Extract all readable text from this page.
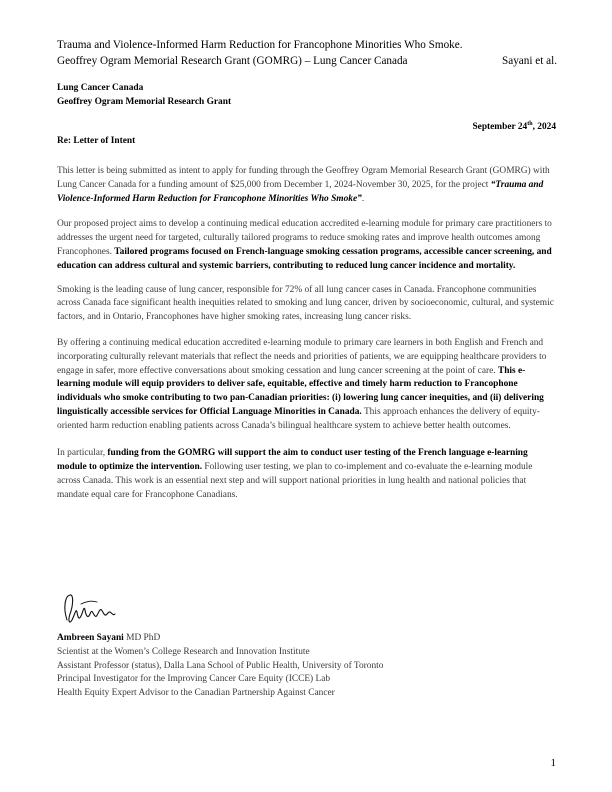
Trauma and Violence-Informed Harm Reduction for Francophone Minorities Who Smoke.
Geoffrey Ogram Memorial Research Grant (GOMRG) – Lung Cancer Canada	Sayani et al.
Lung Cancer Canada
Geoffrey Ogram Memorial Research Grant
September 24th, 2024
Re: Letter of Intent

This letter is being submitted as intent to apply for funding through the Geoffrey Ogram Memorial Research Grant (GOMRG) with Lung Cancer Canada for a funding amount of $25,000 from December 1, 2024-November 30, 2025, for the project “Trauma and Violence-Informed Harm Reduction for Francophone Minorities Who Smoke”.

Our proposed project aims to develop a continuing medical education accredited e-learning module for primary care practitioners to addresses the urgent need for targeted, culturally tailored programs to reduce smoking rates and improve health outcomes among Francophones. Tailored programs focused on French-language smoking cessation programs, accessible cancer screening, and education can address cultural and systemic barriers, contributing to reduced lung cancer incidence and mortality.

Smoking is the leading cause of lung cancer, responsible for 72% of all lung cancer cases in Canada. Francophone communities across Canada face significant health inequities related to smoking and lung cancer, driven by socioeconomic, cultural, and systemic factors, and in Ontario, Francophones have higher smoking rates, increasing lung cancer risks.

By offering a continuing medical education accredited e-learning module to primary care learners in both English and French and incorporating culturally relevant materials that reflect the needs and priorities of patients, we are equipping healthcare providers to engage in safer, more effective conversations about smoking cessation and lung cancer screening at the point of care. This e-learning module will equip providers to deliver safe, equitable, effective and timely harm reduction to Francophone individuals who smoke contributing to two pan-Canadian priorities: (i) lowering lung cancer inequities, and (ii) delivering linguistically accessible services for Official Language Minorities in Canada. This approach enhances the delivery of equity-oriented harm reduction enabling patients across Canada’s bilingual healthcare system to achieve better health outcomes.

In particular, funding from the GOMRG will support the aim to conduct user testing of the French language e-learning module to optimize the intervention. Following user testing, we plan to co-implement and co-evaluate the e-learning module across Canada. This work is an essential next step and will support national priorities in lung health and national policies that mandate equal care for Francophone Canadians.

Ambreen Sayani MD PhD
Scientist at the Women’s College Research and Innovation Institute
Assistant Professor (status), Dalla Lana School of Public Health, University of Toronto
Principal Investigator for the Improving Cancer Care Equity (ICCE) Lab
Health Equity Expert Advisor to the Canadian Partnership Against Cancer
1
